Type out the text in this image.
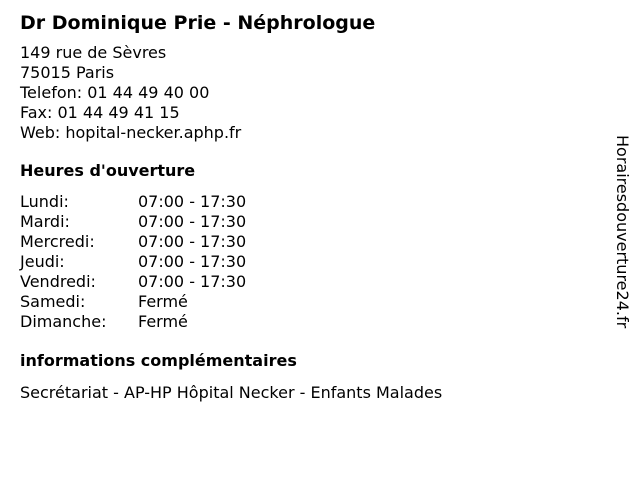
Dr Dominique Prie - Néphrologue
149 rue de Sèvres
75015 Paris
Telefon: 01 44 49 40 00
Fax: 01 44 49 41 15
Web: hopital-necker.aphp.fr
Heures d'ouverture
Lundi:	07:00 - 17:30
Mardi:	07:00 - 17:30
Mercredi:	07:00 - 17:30
Jeudi:	07:00 - 17:30
Vendredi:	07:00 - 17:30
Samedi:	Fermé
Dimanche:	Fermé
informations complémentaires
Secrétariat - AP-HP Hôpital Necker - Enfants Malades
Horairesdouverture24.fr
